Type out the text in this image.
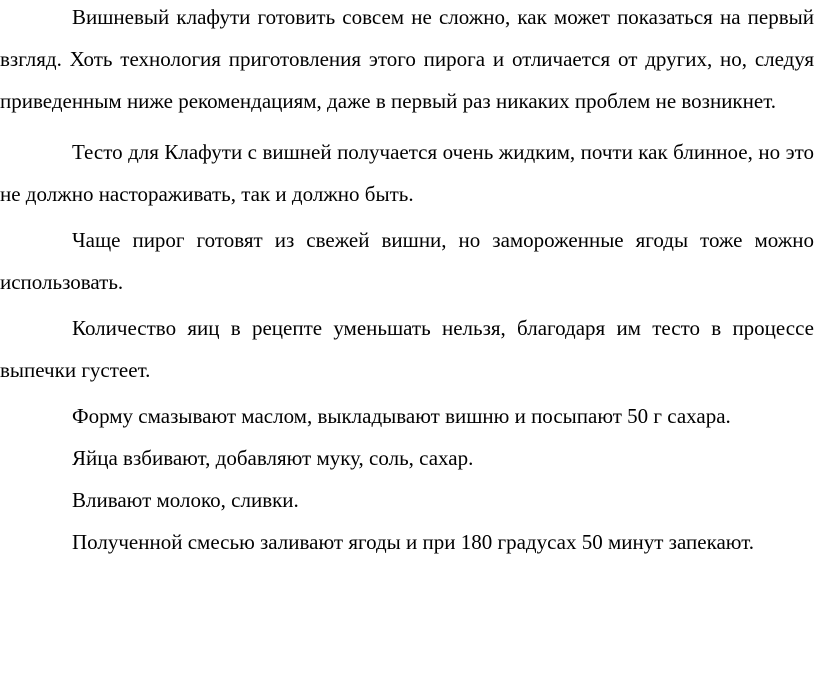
Вишневый клафути готовить совсем не сложно, как может показаться на первый взгляд. Хоть технология приготовления этого пирога и отличается от других, но, следуя приведенным ниже рекомендациям, даже в первый раз никаких проблем не возникнет.

Тесто для Клафути с вишней получается очень жидким, почти как блинное, но это не должно настораживать, так и должно быть.

Чаще пирог готовят из свежей вишни, но замороженные ягоды тоже можно использовать.

Количество яиц в рецепте уменьшать нельзя, благодаря им тесто в процессе выпечки густеет.

Форму смазывают маслом, выкладывают вишню и посыпают 50 г сахара.

Яйца взбивают, добавляют муку, соль, сахар.

Вливают молоко, сливки.

Полученной смесью заливают ягоды и при 180 градусах 50 минут запекают.
